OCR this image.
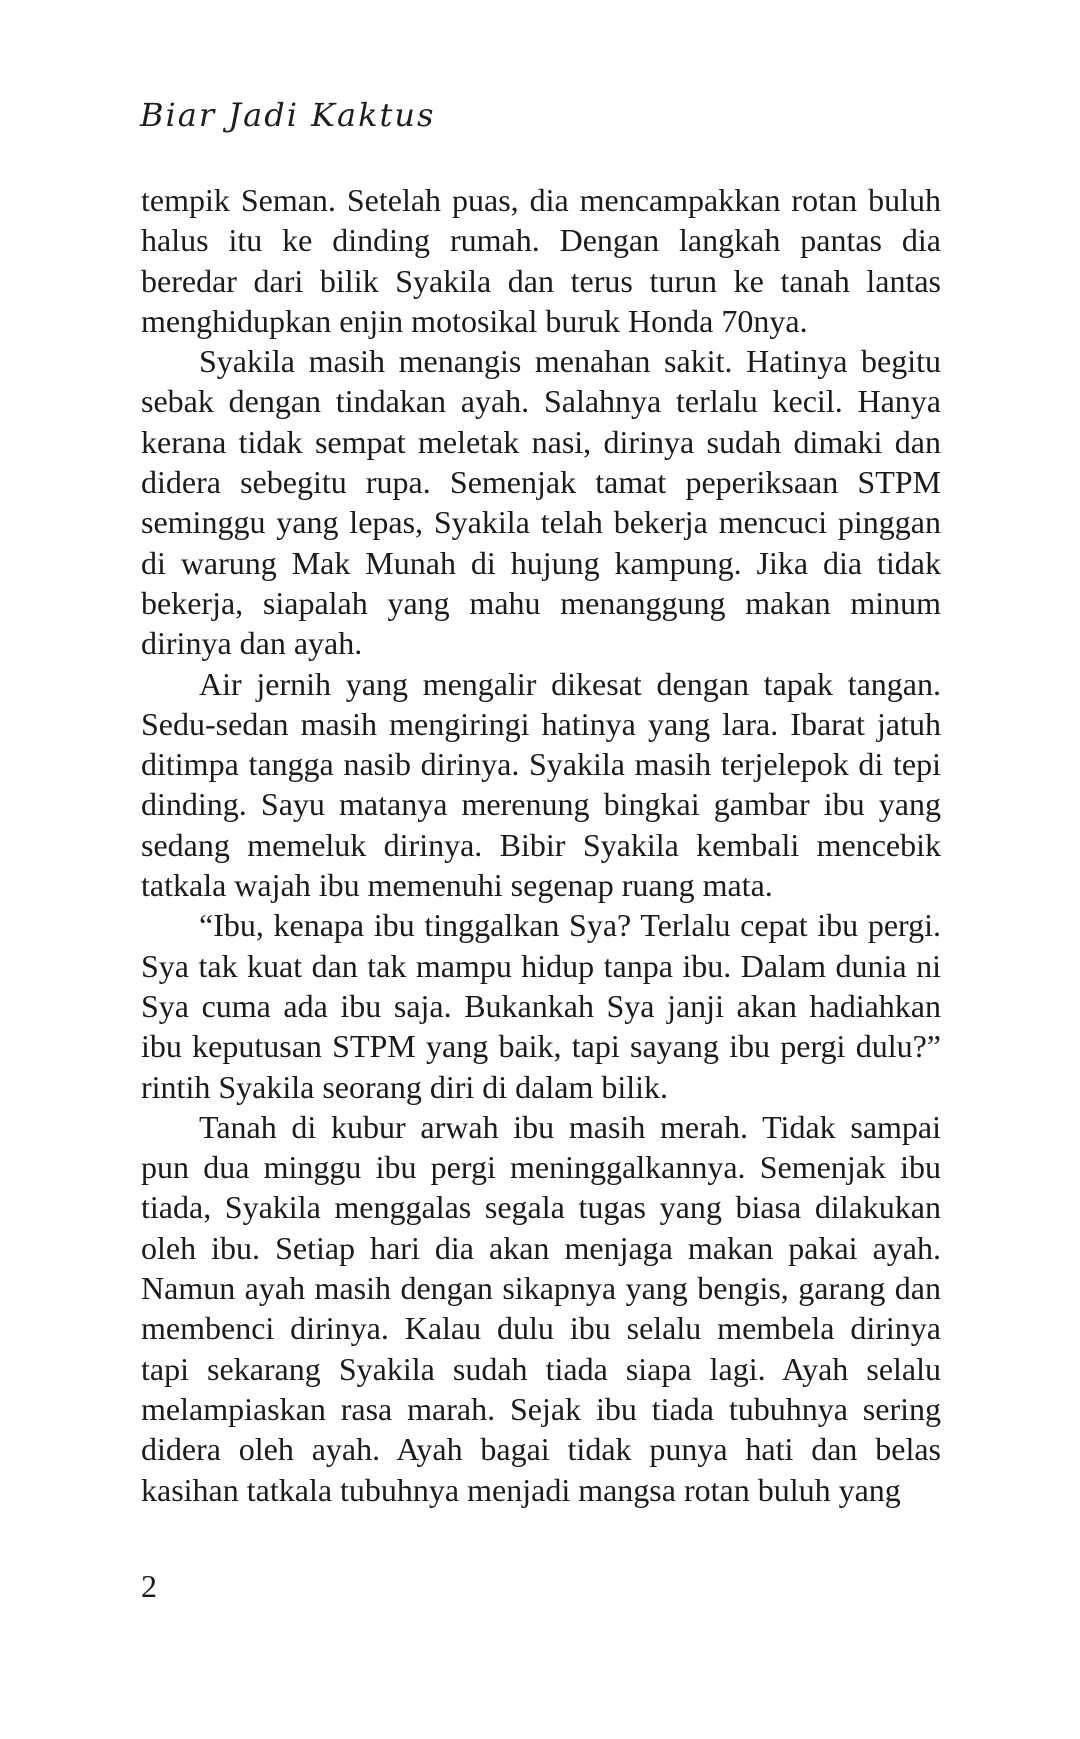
Biar Jadi Kaktus

tempik Seman. Setelah puas, dia mencampakkan rotan buluh halus itu ke dinding rumah. Dengan langkah pantas dia beredar dari bilik Syakila dan terus turun ke tanah lantas menghidupkan enjin motosikal buruk Honda 70nya.

Syakila masih menangis menahan sakit. Hatinya begitu sebak dengan tindakan ayah. Salahnya terlalu kecil. Hanya kerana tidak sempat meletak nasi, dirinya sudah dimaki dan didera sebegitu rupa. Semenjak tamat peperiksaan STPM seminggu yang lepas, Syakila telah bekerja mencuci pinggan di warung Mak Munah di hujung kampung. Jika dia tidak bekerja, siapalah yang mahu menanggung makan minum dirinya dan ayah.

Air jernih yang mengalir dikesat dengan tapak tangan. Sedu-sedan masih mengiringi hatinya yang lara. Ibarat jatuh ditimpa tangga nasib dirinya. Syakila masih terjelepok di tepi dinding. Sayu matanya merenung bingkai gambar ibu yang sedang memeluk dirinya. Bibir Syakila kembali mencebik tatkala wajah ibu memenuhi segenap ruang mata.

“Ibu, kenapa ibu tinggalkan Sya? Terlalu cepat ibu pergi. Sya tak kuat dan tak mampu hidup tanpa ibu. Dalam dunia ni Sya cuma ada ibu saja. Bukankah Sya janji akan hadiahkan ibu keputusan STPM yang baik, tapi sayang ibu pergi dulu?” rintih Syakila seorang diri di dalam bilik.

Tanah di kubur arwah ibu masih merah. Tidak sampai pun dua minggu ibu pergi meninggalkannya. Semenjak ibu tiada, Syakila menggalas segala tugas yang biasa dilakukan oleh ibu. Setiap hari dia akan menjaga makan pakai ayah. Namun ayah masih dengan sikapnya yang bengis, garang dan membenci dirinya. Kalau dulu ibu selalu membela dirinya tapi sekarang Syakila sudah tiada siapa lagi. Ayah selalu melampiaskan rasa marah. Sejak ibu tiada tubuhnya sering didera oleh ayah. Ayah bagai tidak punya hati dan belas kasihan tatkala tubuhnya menjadi mangsa rotan buluh yang

2
